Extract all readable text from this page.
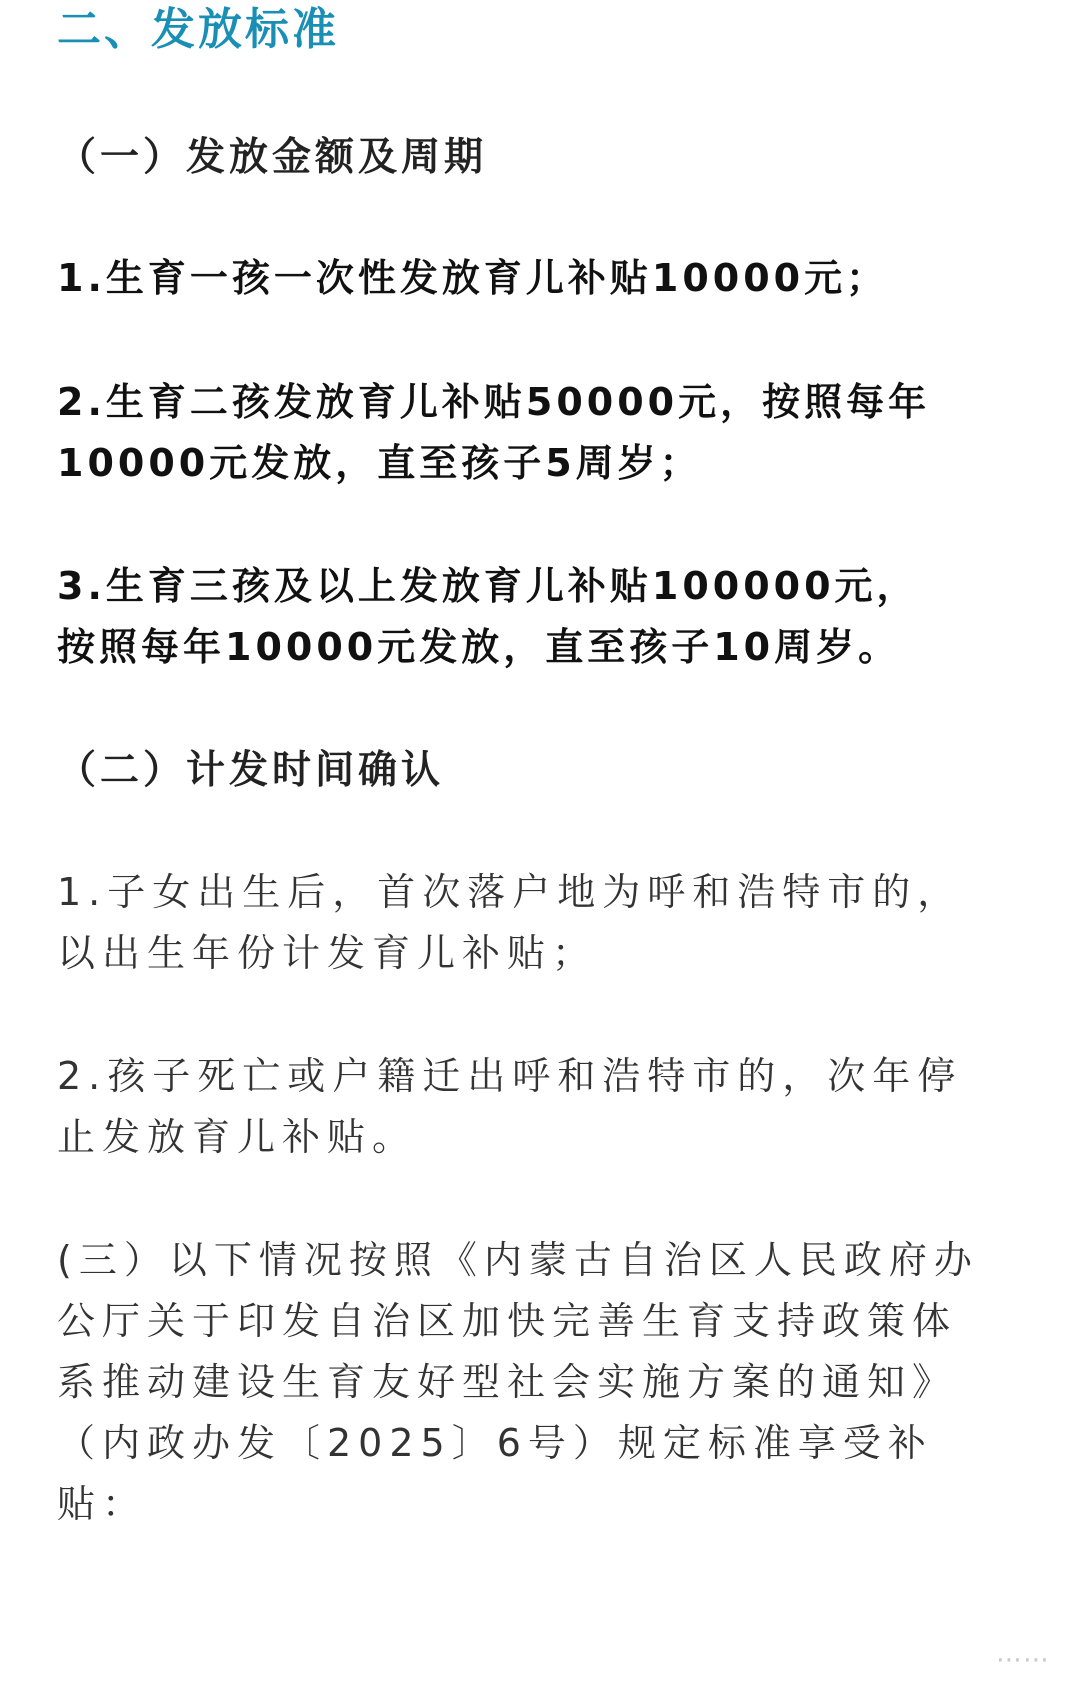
二、发放标准

（一）发放金额及周期

1.生育一孩一次性发放育儿补贴10000元；

2.生育二孩发放育儿补贴50000元，按照每年

10000元发放，直至孩子5周岁；

3.生育三孩及以上发放育儿补贴100000元，

按照每年10000元发放，直至孩子10周岁。

（二）计发时间确认

1.子女出生后，首次落户地为呼和浩特市的，

以出生年份计发育儿补贴；

2.孩子死亡或户籍迁出呼和浩特市的，次年停

止发放育儿补贴。

(三）以下情况按照《内蒙古自治区人民政府办

公厅关于印发自治区加快完善生育支持政策体

系推动建设生育友好型社会实施方案的通知》

（内政办发〔2025〕6号）规定标准享受补

贴：

⋯⋯
